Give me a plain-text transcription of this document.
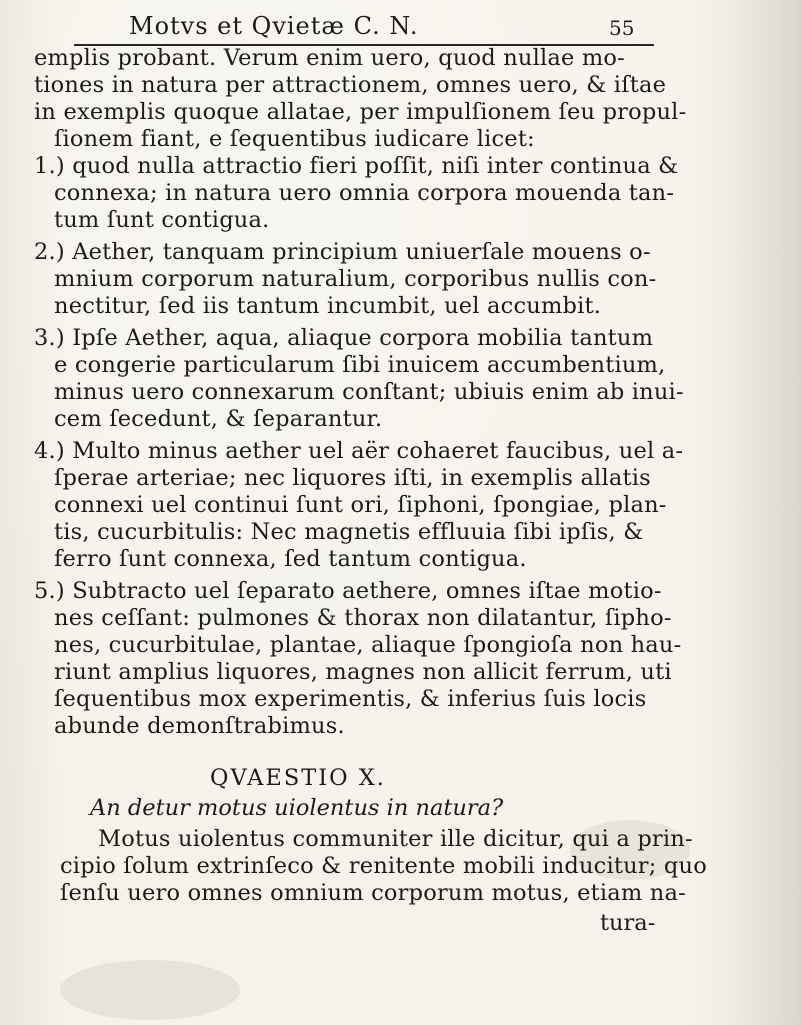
Motvs et Qvietæ C. N.	55
emplis probant. Verum enim uero, quod nullae mo-
tiones in natura per attractionem, omnes uero, & iſtae
in exemplis quoque allatae, per impulſionem ſeu propul-
ſionem fiant, e ſequentibus iudicare licet:
1.) quod nulla attractio fieri poſſit, niſi inter continua &
connexa; in natura uero omnia corpora mouenda tan-
tum ſunt contigua.
2.) Aether, tanquam principium uniuerſale mouens o-
mnium corporum naturalium, corporibus nullis con-
nectitur, ſed iis tantum incumbit, uel accumbit.
3.) Ipſe Aether, aqua, aliaque corpora mobilia tantum
e congerie particularum ſibi inuicem accumbentium,
minus uero connexarum conſtant; ubiuis enim ab inui-
cem ſecedunt, & ſeparantur.
4.) Multo minus aether uel aër cohaeret faucibus, uel a-
ſperae arteriae; nec liquores iſti, in exemplis allatis
connexi uel continui ſunt ori, ſiphoni, ſpongiae, plan-
tis, cucurbitulis: Nec magnetis effluuia ſibi ipſis, &
ferro ſunt connexa, ſed tantum contigua.
5.) Subtracto uel ſeparato aethere, omnes iſtae motio-
nes ceſſant: pulmones & thorax non dilatantur, ſipho-
nes, cucurbitulae, plantae, aliaque ſpongioſa non hau-
riunt amplius liquores, magnes non allicit ferrum, uti
ſequentibus mox experimentis, & inferius ſuis locis
abunde demonſtrabimus.
QVAESTIO X.
An detur motus uiolentus in natura?
Motus uiolentus communiter ille dicitur, qui a prin-
cipio ſolum extrinſeco & renitente mobili inducitur; quo
ſenſu uero omnes omnium corporum motus, etiam na-
tura-
